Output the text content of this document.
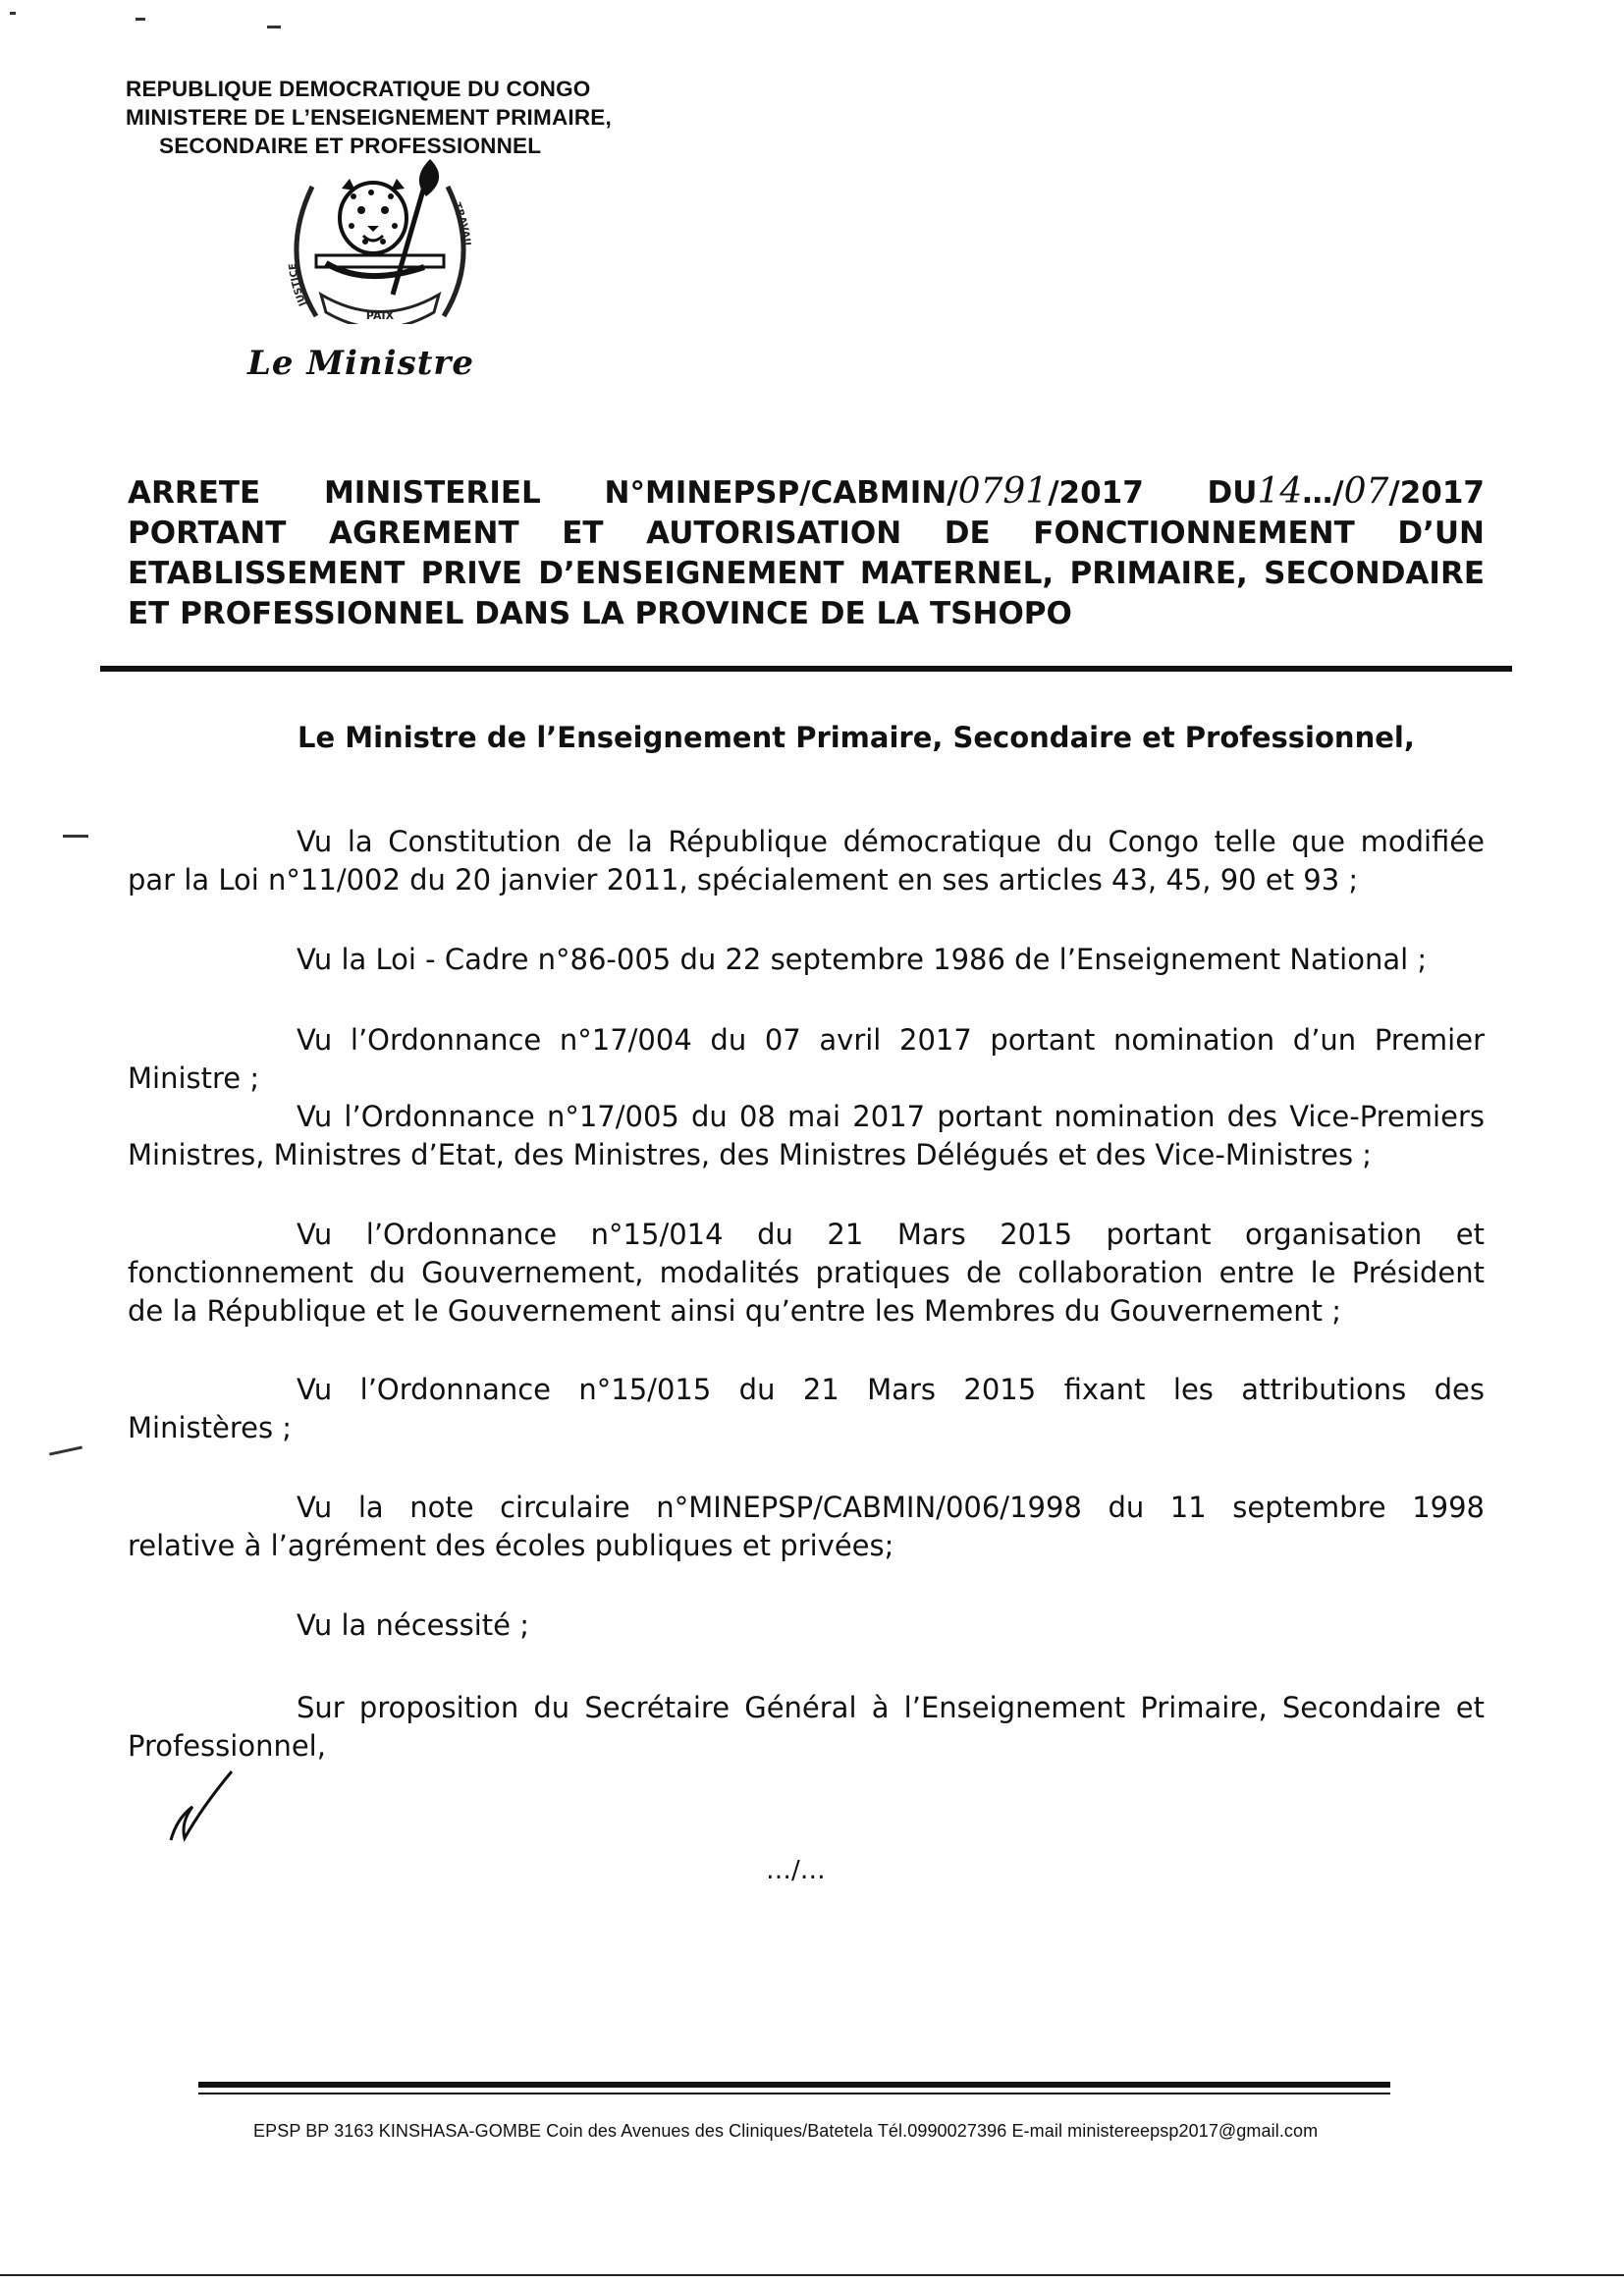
REPUBLIQUE DEMOCRATIQUE DU CONGO
MINISTERE DE L’ENSEIGNEMENT PRIMAIRE,
SECONDAIRE ET PROFESSIONNEL
PAIX
JUSTICE
TRAVAIL
Le Ministre
ARRETE MINISTERIEL N°MINEPSP/CABMIN/0791/2017 DU14…/07/2017
PORTANT AGREMENT ET AUTORISATION DE FONCTIONNEMENT D’UN
ETABLISSEMENT PRIVE D’ENSEIGNEMENT MATERNEL, PRIMAIRE, SECONDAIRE
ET PROFESSIONNEL DANS LA PROVINCE DE LA TSHOPO
Le Ministre de l’Enseignement Primaire, Secondaire et Professionnel,
Vu la Constitution de la République démocratique du Congo telle que modifiée
par la Loi n°11/002 du 20 janvier 2011, spécialement en ses articles 43, 45, 90 et 93 ;
Vu la Loi - Cadre n°86-005 du 22 septembre 1986 de l’Enseignement National ;
Vu l’Ordonnance n°17/004 du 07 avril 2017 portant nomination d’un Premier
Ministre ;
Vu l’Ordonnance n°17/005 du 08 mai 2017 portant nomination des Vice-Premiers
Ministres, Ministres d’Etat, des Ministres, des Ministres Délégués et des Vice-Ministres ;
Vu l’Ordonnance n°15/014 du 21 Mars 2015 portant organisation et
fonctionnement du Gouvernement, modalités pratiques de collaboration entre le Président
de la République et le Gouvernement ainsi qu’entre les Membres du Gouvernement ;
Vu l’Ordonnance n°15/015 du 21 Mars 2015 fixant les attributions des
Ministères ;
Vu la note circulaire n°MINEPSP/CABMIN/006/1998 du 11 septembre 1998
relative à l’agrément des écoles publiques et privées;
Vu la nécessité ;
Sur proposition du Secrétaire Général à l’Enseignement Primaire, Secondaire et
Professionnel,
…/…
EPSP BP 3163 KINSHASA-GOMBE Coin des Avenues des Cliniques/Batetela Tél.0990027396 E-mail ministereepsp2017@gmail.com
